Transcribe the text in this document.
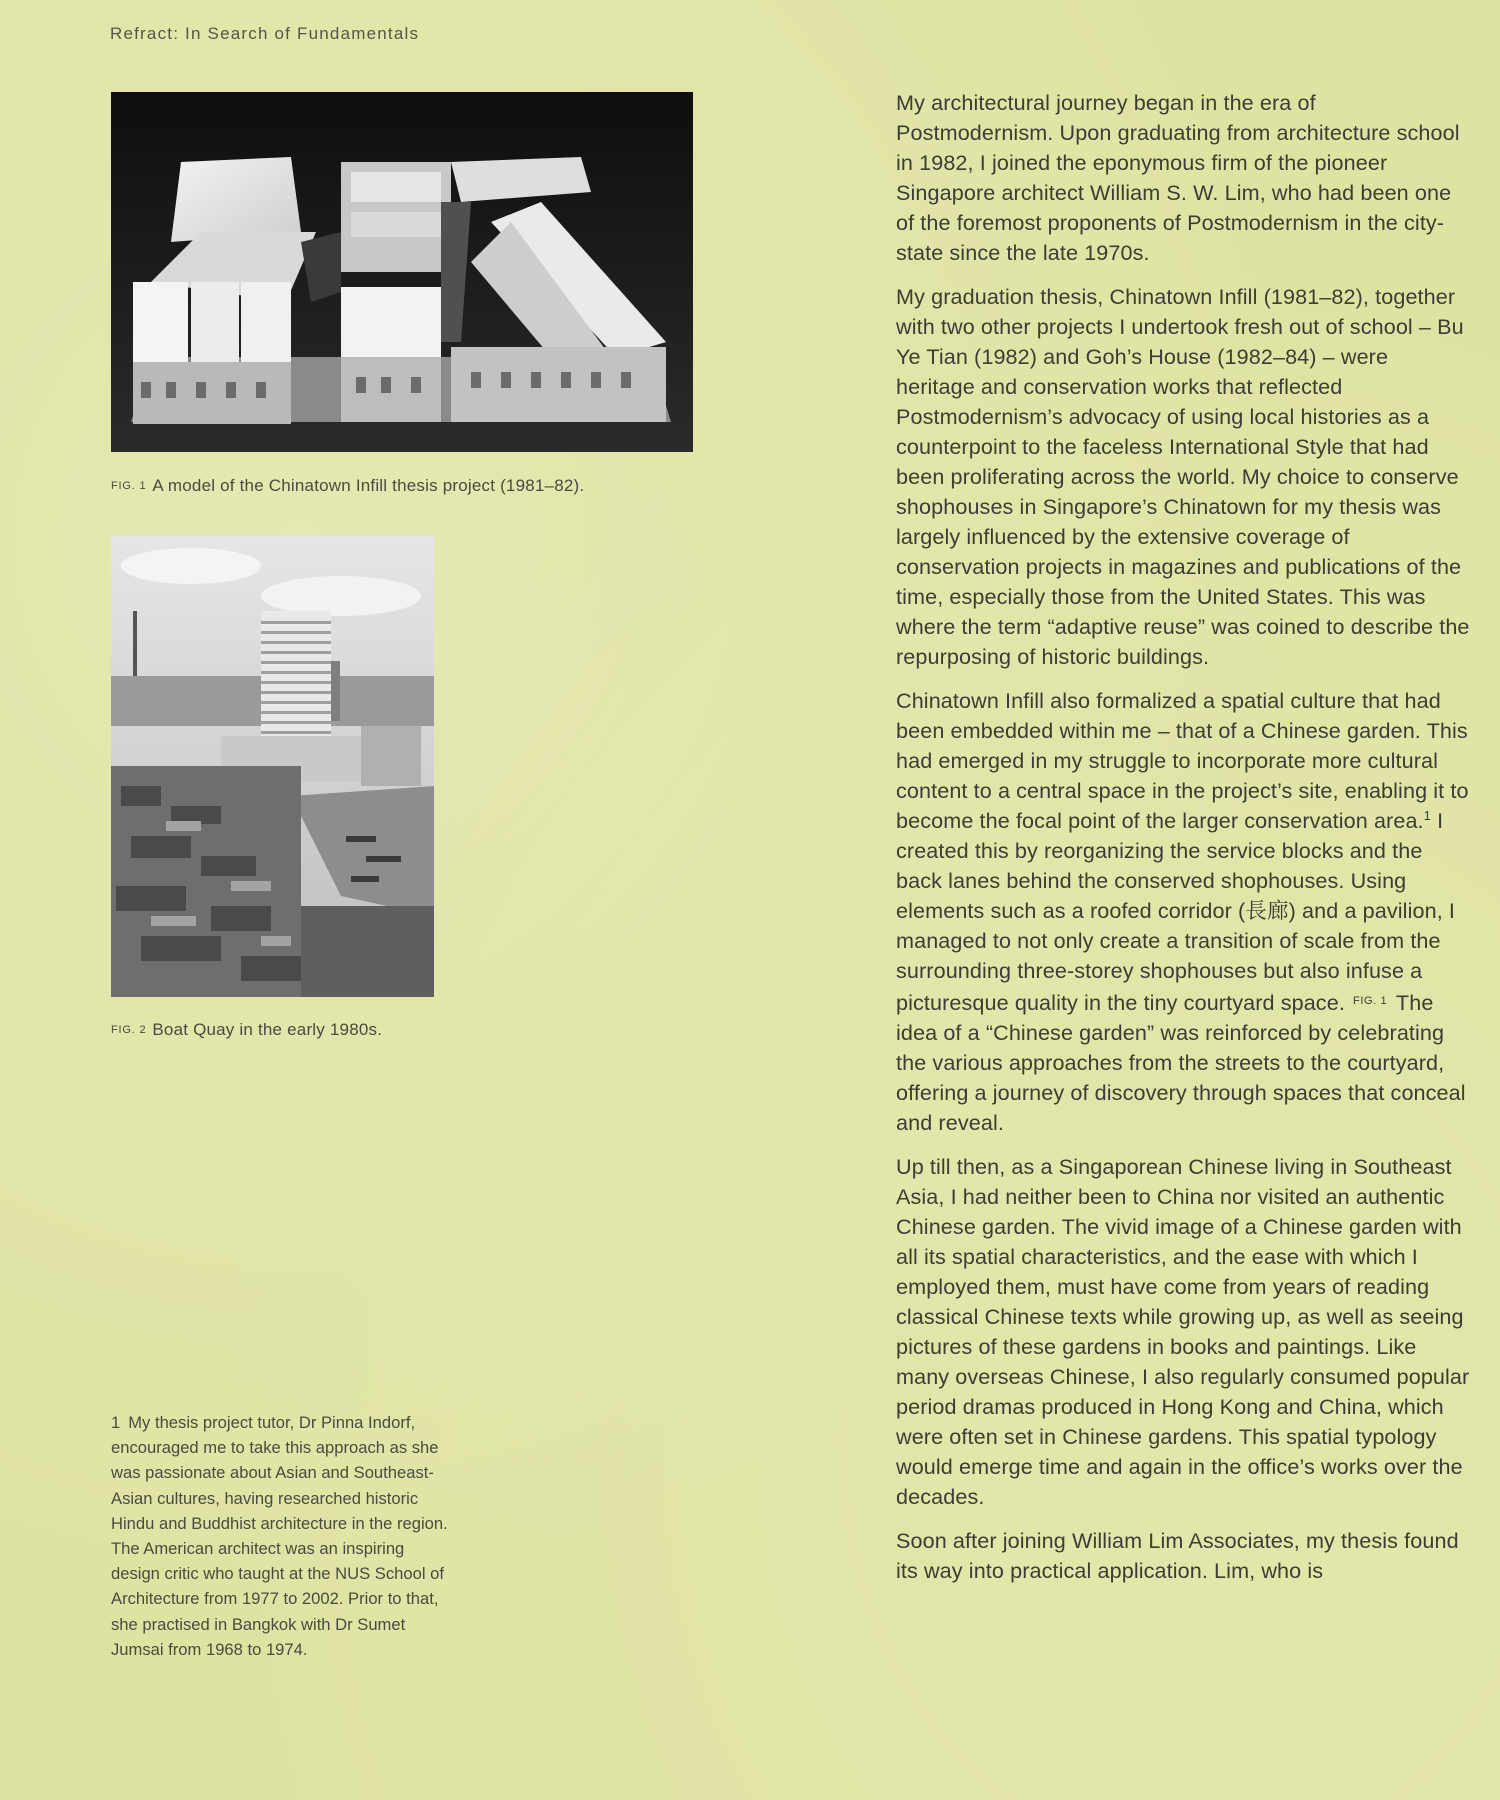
Refract: In Search of Fundamentals
FIG. 1 A model of the Chinatown Infill thesis project (1981–82).
FIG. 2 Boat Quay in the early 1980s.
1 My thesis project tutor, Dr Pinna Indorf, encouraged me to take this approach as she was passionate about Asian and Southeast-Asian cultures, having researched historic Hindu and Buddhist architecture in the region. The American architect was an inspiring design critic who taught at the NUS School of Architecture from 1977 to 2002. Prior to that, she practised in Bangkok with Dr Sumet Jumsai from 1968 to 1974.

My architectural journey began in the era of Postmodernism. Upon graduating from architecture school in 1982, I joined the eponymous firm of the pioneer Singapore architect William S. W. Lim, who had been one of the foremost proponents of Postmodernism in the city-state since the late 1970s.

My graduation thesis, Chinatown Infill (1981–82), together with two other projects I undertook fresh out of school – Bu Ye Tian (1982) and Goh’s House (1982–84) – were heritage and conservation works that reflected Postmodernism’s advocacy of using local histories as a counterpoint to the faceless International Style that had been proliferating across the world. My choice to conserve shophouses in Singapore’s Chinatown for my thesis was largely influenced by the extensive coverage of conservation projects in magazines and publications of the time, especially those from the United States. This was where the term “adaptive reuse” was coined to describe the repurposing of historic buildings.

Chinatown Infill also formalized a spatial culture that had been embedded within me – that of a Chinese garden. This had emerged in my struggle to incorporate more cultural content to a central space in the project’s site, enabling it to become the focal point of the larger conservation area.$^1$ I created this by reorganizing the service blocks and the back lanes behind the conserved shophouses. Using elements such as a roofed corridor (長廊) and a pavilion, I managed to not only create a transition of scale from the surrounding three-storey shophouses but also infuse a picturesque quality in the tiny courtyard space. $^{FIG. 1}$ The idea of a “Chinese garden” was reinforced by celebrating the various approaches from the streets to the courtyard, offering a journey of discovery through spaces that conceal and reveal.

Up till then, as a Singaporean Chinese living in Southeast Asia, I had neither been to China nor visited an authentic Chinese garden. The vivid image of a Chinese garden with all its spatial characteristics, and the ease with which I employed them, must have come from years of reading classical Chinese texts while growing up, as well as seeing pictures of these gardens in books and paintings. Like many overseas Chinese, I also regularly consumed popular period dramas produced in Hong Kong and China, which were often set in Chinese gardens. This spatial typology would emerge time and again in the office’s works over the decades.

Soon after joining William Lim Associates, my thesis found its way into practical application. Lim, who is
